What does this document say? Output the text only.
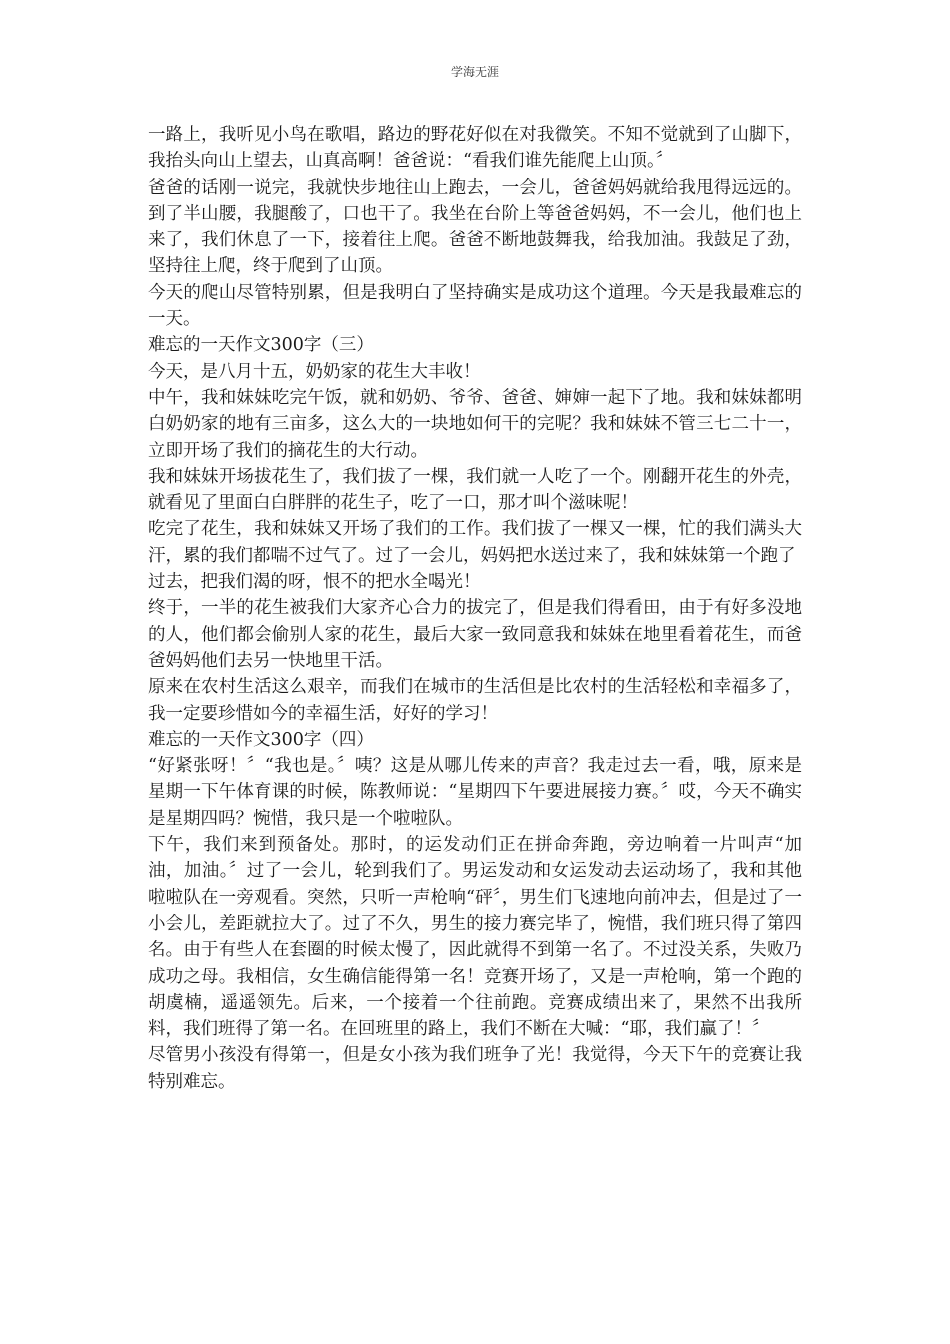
学海无涯

一路上，我听见小鸟在歌唱，路边的野花好似在对我微笑。不知不觉就到了山脚下，我抬头向山上望去，山真高啊！爸爸说：“看我们谁先能爬上山顶。〞

爸爸的话刚一说完，我就快步地往山上跑去，一会儿，爸爸妈妈就给我甩得远远的。到了半山腰，我腿酸了，口也干了。我坐在台阶上等爸爸妈妈，不一会儿，他们也上来了，我们休息了一下，接着往上爬。爸爸不断地鼓舞我，给我加油。我鼓足了劲，坚持往上爬，终于爬到了山顶。

今天的爬山尽管特别累，但是我明白了坚持确实是成功这个道理。今天是我最难忘的一天。

难忘的一天作文300字（三）

今天，是八月十五，奶奶家的花生大丰收！

中午，我和妹妹吃完午饭，就和奶奶、爷爷、爸爸、婶婶一起下了地。我和妹妹都明白奶奶家的地有三亩多，这么大的一块地如何干的完呢？我和妹妹不管三七二十一，立即开场了我们的摘花生的大行动。

我和妹妹开场拔花生了，我们拔了一棵，我们就一人吃了一个。刚翻开花生的外壳，就看见了里面白白胖胖的花生子，吃了一口，那才叫个滋味呢！

吃完了花生，我和妹妹又开场了我们的工作。我们拔了一棵又一棵，忙的我们满头大汗，累的我们都喘不过气了。过了一会儿，妈妈把水送过来了，我和妹妹第一个跑了

过去，把我们渴的呀，恨不的把水全喝光！

终于，一半的花生被我们大家齐心合力的拔完了，但是我们得看田，由于有好多没地的人，他们都会偷别人家的花生，最后大家一致同意我和妹妹在地里看着花生，而爸爸妈妈他们去另一快地里干活。

原来在农村生活这么艰辛，而我们在城市的生活但是比农村的生活轻松和幸福多了，我一定要珍惜如今的幸福生活，好好的学习！

难忘的一天作文300字（四）

“好紧张呀！〞“我也是。〞咦？这是从哪儿传来的声音？我走过去一看，哦，原来是星期一下午体育课的时候，陈教师说：“星期四下午要进展接力赛。〞哎，今天不确实是星期四吗？惋惜，我只是一个啦啦队。

下午，我们来到预备处。那时，的运发动们正在拼命奔跑，旁边响着一片叫声“加油，加油。〞过了一会儿，轮到我们了。男运发动和女运发动去运动场了，我和其他啦啦队在一旁观看。突然，只听一声枪响“砰〞，男生们飞速地向前冲去，但是过了一小会儿，差距就拉大了。过了不久，男生的接力赛完毕了，惋惜，我们班只得了第四名。由于有些人在套圈的时候太慢了，因此就得不到第一名了。不过没关系，失败乃成功之母。我相信，女生确信能得第一名！竞赛开场了，又是一声枪响，第一个跑的胡虞楠，遥遥领先。后来，一个接着一个往前跑。竞赛成绩出来了，果然不出我所料，我们班得了第一名。在回班里的路上，我们不断在大喊：“耶，我们赢了！〞

尽管男小孩没有得第一，但是女小孩为我们班争了光！我觉得，今天下午的竞赛让我特别难忘。
